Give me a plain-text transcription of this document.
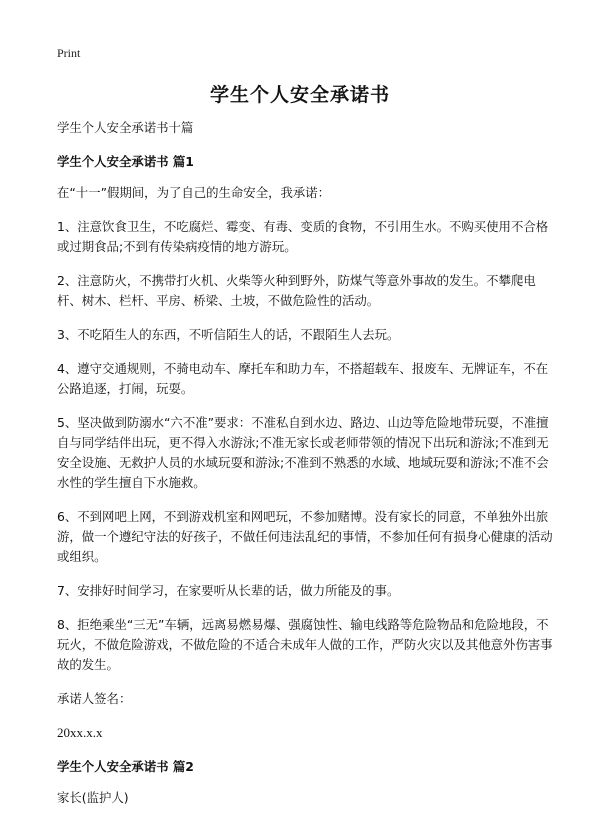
Print
学生个人安全承诺书

学生个人安全承诺书十篇

学生个人安全承诺书 篇1

在“十一”假期间，为了自己的生命安全，我承诺：

1、注意饮食卫生，不吃腐烂、霉变、有毒、变质的食物，不引用生水。不购买使用不合格或过期食品;不到有传染病疫情的地方游玩。

2、注意防火，不携带打火机、火柴等火种到野外，防煤气等意外事故的发生。不攀爬电杆、树木、栏杆、平房、桥梁、土坡，不做危险性的活动。

3、不吃陌生人的东西，不听信陌生人的话，不跟陌生人去玩。

4、遵守交通规则，不骑电动车、摩托车和助力车，不搭超载车、报废车、无牌证车，不在公路追逐，打闹，玩耍。

5、坚决做到防溺水“六不准”要求：不准私自到水边、路边、山边等危险地带玩耍，不准擅自与同学结伴出玩，更不得入水游泳;不准无家长或老师带领的情况下出玩和游泳;不准到无安全设施、无救护人员的水域玩耍和游泳;不准到不熟悉的水域、地域玩耍和游泳;不准不会水性的学生擅自下水施救。

6、不到网吧上网，不到游戏机室和网吧玩，不参加赌博。没有家长的同意，不单独外出旅游，做一个遵纪守法的好孩子，不做任何违法乱纪的事情，不参加任何有损身心健康的活动或组织。

7、安排好时间学习，在家要听从长辈的话，做力所能及的事。

8、拒绝乘坐“三无”车辆，远离易燃易爆、强腐蚀性、输电线路等危险物品和危险地段，不玩火，不做危险游戏，不做危险的不适合未成年人做的工作，严防火灾以及其他意外伤害事故的发生。

承诺人签名：

20xx.x.x

学生个人安全承诺书 篇2

家长(监护人)
